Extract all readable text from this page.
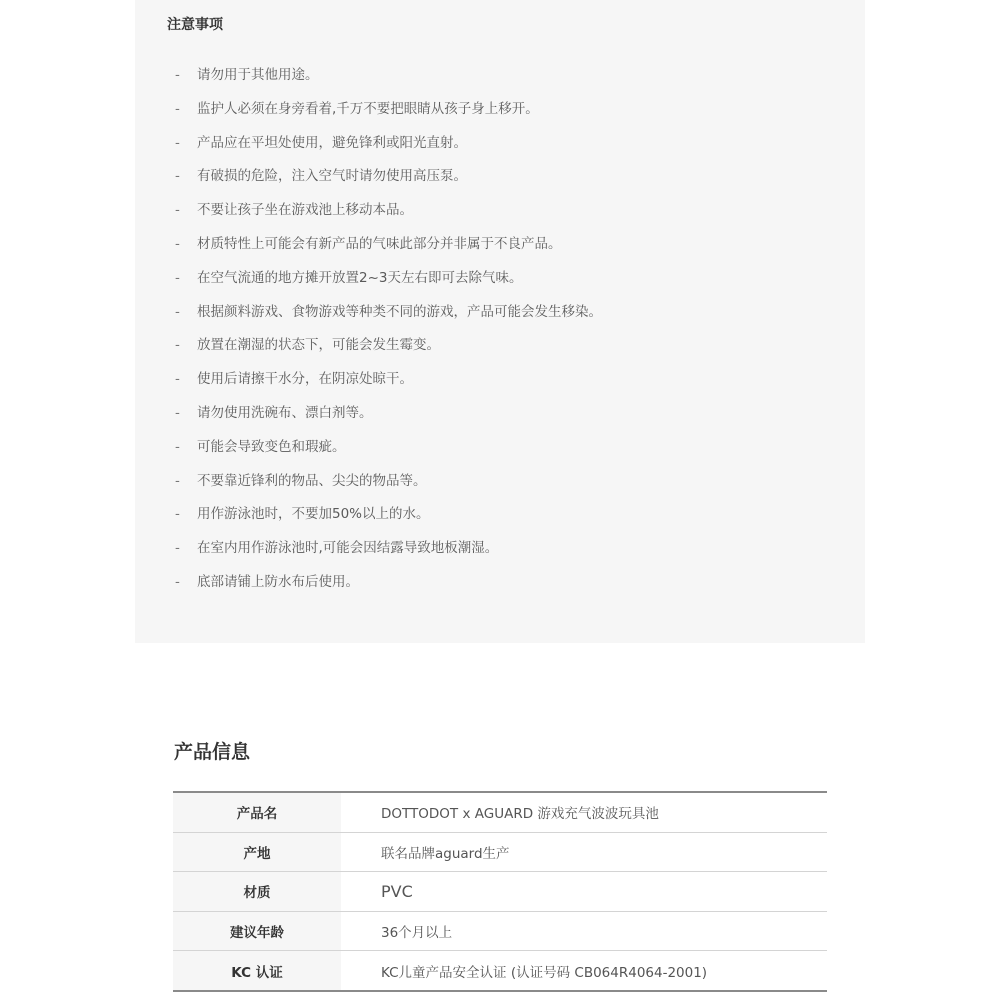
注意事项
- 请勿用于其他用途。
- 监护人必须在身旁看着,千万不要把眼睛从孩子身上移开。
- 产品应在平坦处使用，避免锋利或阳光直射。
- 有破损的危险，注入空气时请勿使用高压泵。
- 不要让孩子坐在游戏池上移动本品。
- 材质特性上可能会有新产品的气味此部分并非属于不良产品。
- 在空气流通的地方摊开放置2~3天左右即可去除气味。
- 根据颜料游戏、食物游戏等种类不同的游戏，产品可能会发生移染。
- 放置在潮湿的状态下，可能会发生霉变。
- 使用后请擦干水分，在阴凉处晾干。
- 请勿使用洗碗布、漂白剂等。
- 可能会导致变色和瑕疵。
- 不要靠近锋利的物品、尖尖的物品等。
- 用作游泳池时，不要加50%以上的水。
- 在室内用作游泳池时,可能会因结露导致地板潮湿。
- 底部请铺上防水布后使用。
产品信息
产品名	DOTTODOT x AGUARD 游戏充气波波玩具池
产地	联名品牌aguard生产
材质	PVC
建议年龄	36个月以上
KC 认证	KC儿童产品安全认证 (认证号码 CB064R4064-2001)
